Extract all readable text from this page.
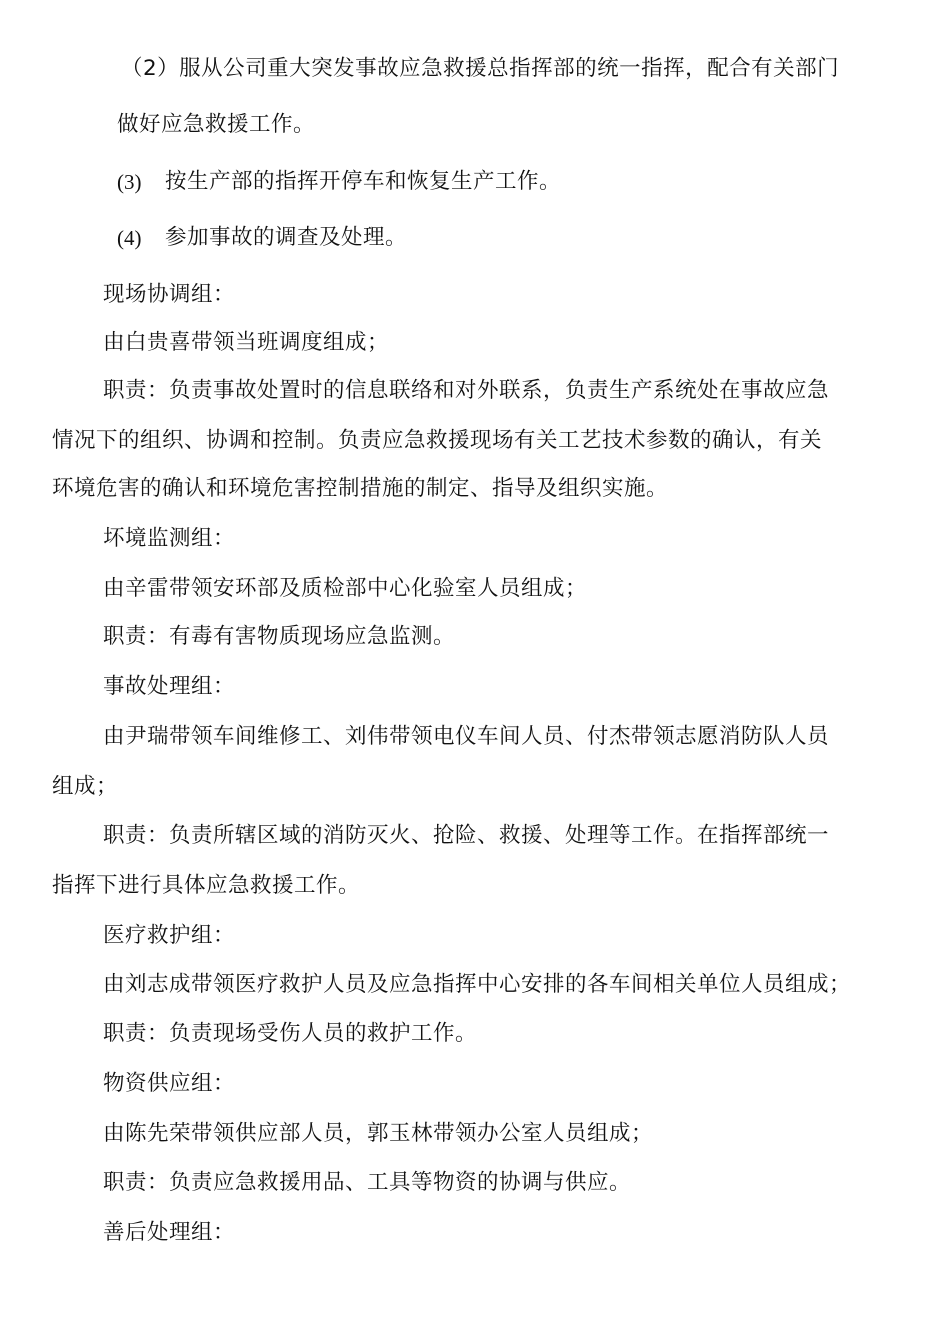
（2）服从公司重大突发事故应急救援总指挥部的统一指挥，配合有关部门
做好应急救援工作。
(3) 按生产部的指挥开停车和恢复生产工作。
(4) 参加事故的调查及处理。
现场协调组：
由白贵喜带领当班调度组成；
职责：负责事故处置时的信息联络和对外联系，负责生产系统处在事故应急
情况下的组织、协调和控制。负责应急救援现场有关工艺技术参数的确认，有关
环境危害的确认和环境危害控制措施的制定、指导及组织实施。
坏境监测组：
由辛雷带领安环部及质检部中心化验室人员组成；
职责：有毒有害物质现场应急监测。
事故处理组：
由尹瑞带领车间维修工、刘伟带领电仪车间人员、付杰带领志愿消防队人员
组成；
职责：负责所辖区域的消防灭火、抢险、救援、处理等工作。在指挥部统一
指挥下进行具体应急救援工作。
医疗救护组：
由刘志成带领医疗救护人员及应急指挥中心安排的各车间相关单位人员组成；
职责：负责现场受伤人员的救护工作。
物资供应组：
由陈先荣带领供应部人员，郭玉林带领办公室人员组成；
职责：负责应急救援用品、工具等物资的协调与供应。
善后处理组：
